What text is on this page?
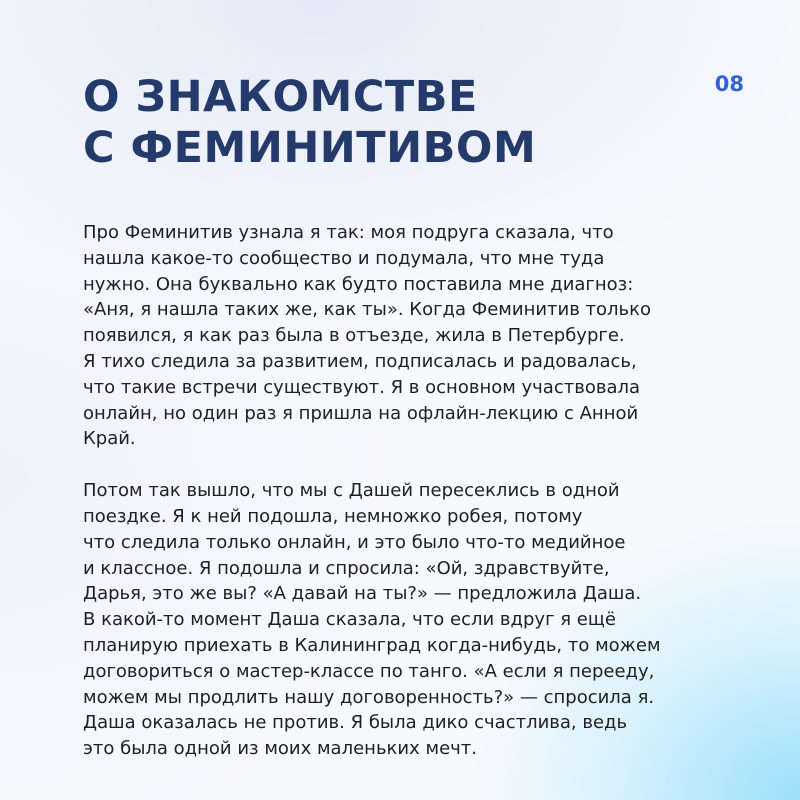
О ЗНАКОМСТВЕ
С ФЕМИНИТИВОМ
08

Про Феминитив узнала я так: моя подруга сказала, что
нашла какое-то сообщество и подумала, что мне туда
нужно. Она буквально как будто поставила мне диагноз:
«Аня, я нашла таких же, как ты». Когда Феминитив только
появился, я как раз была в отъезде, жила в Петербурге.
Я тихо следила за развитием, подписалась и радовалась,
что такие встречи существуют. Я в основном участвовала
онлайн, но один раз я пришла на офлайн-лекцию с Анной
Край.

Потом так вышло, что мы с Дашей пересеклись в одной
поездке. Я к ней подошла, немножко робея, потому
что следила только онлайн, и это было что-то медийное
и классное. Я подошла и спросила: «Ой, здравствуйте,
Дарья, это же вы? «А давай на ты?» — предложила Даша.
В какой-то момент Даша сказала, что если вдруг я ещё
планирую приехать в Калининград когда-нибудь, то можем
договориться о мастер-классе по танго. «А если я перееду,
можем мы продлить нашу договоренность?» — спросила я.
Даша оказалась не против. Я была дико счастлива, ведь
это была одной из моих маленьких мечт.
